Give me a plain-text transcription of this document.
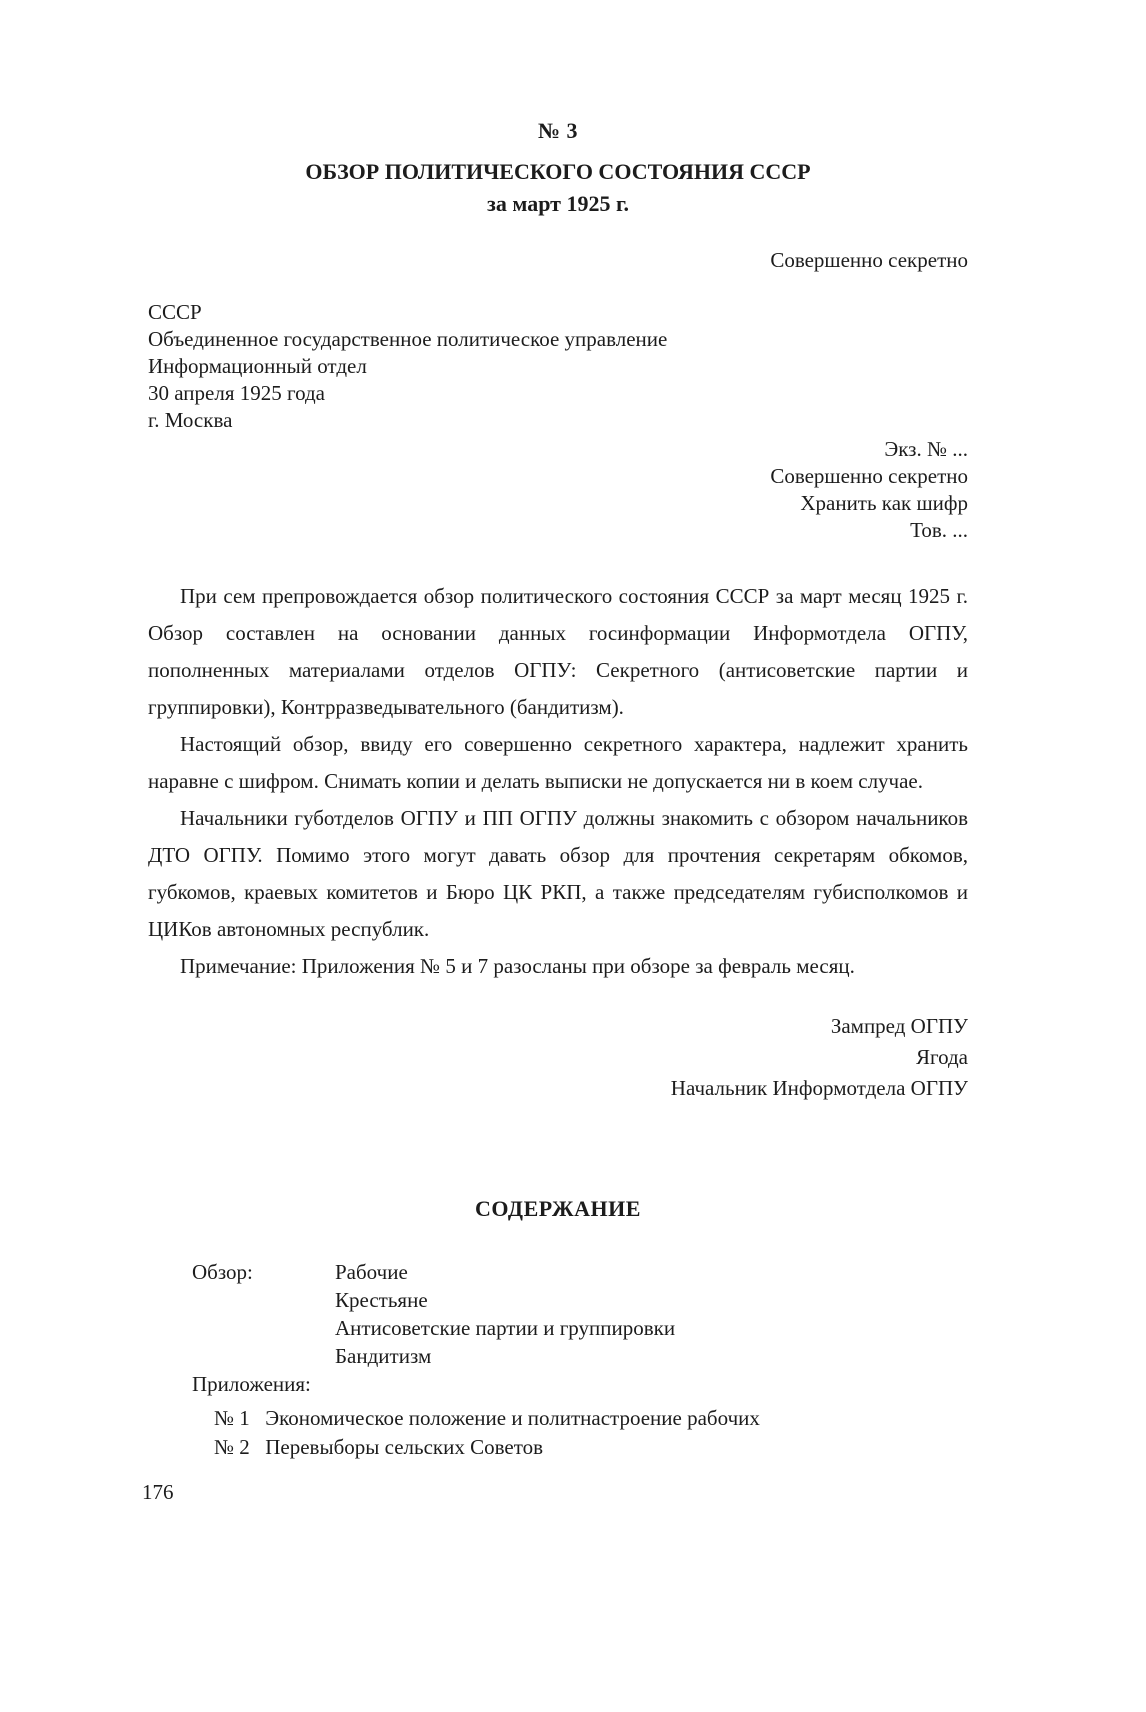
№ 3
ОБЗОР ПОЛИТИЧЕСКОГО СОСТОЯНИЯ СССР
за март 1925 г.
Совершенно секретно
СССР
Объединенное государственное политическое управление
Информационный отдел
30 апреля 1925 года
г. Москва
Экз. № ...
Совершенно секретно
Хранить как шифр
Тов. ...

При сем препровождается обзор политического состояния СССР за март месяц 1925 г. Обзор составлен на основании данных госинформации Информотдела ОГПУ, пополненных материалами отделов ОГПУ: Секретного (антисоветские партии и группировки), Контрразведывательного (бандитизм).

Настоящий обзор, ввиду его совершенно секретного характера, надлежит хранить наравне с шифром. Снимать копии и делать выписки не допускается ни в коем случае.

Начальники губотделов ОГПУ и ПП ОГПУ должны знакомить с обзором начальников ДТО ОГПУ. Помимо этого могут давать обзор для прочтения секретарям обкомов, губкомов, краевых комитетов и Бюро ЦК РКП, а также председателям губисполкомов и ЦИКов автономных республик.

Примечание: Приложения № 5 и 7 разосланы при обзоре за февраль месяц.

Зампред ОГПУ
Ягода
Начальник Информотдела ОГПУ
СОДЕРЖАНИЕ
Обзор:	Рабочие
Крестьяне
Антисоветские партии и группировки
Бандитизм
Приложения:
№ 1 Экономическое положение и политнастроение рабочих
№ 2 Перевыборы сельских Советов
176
